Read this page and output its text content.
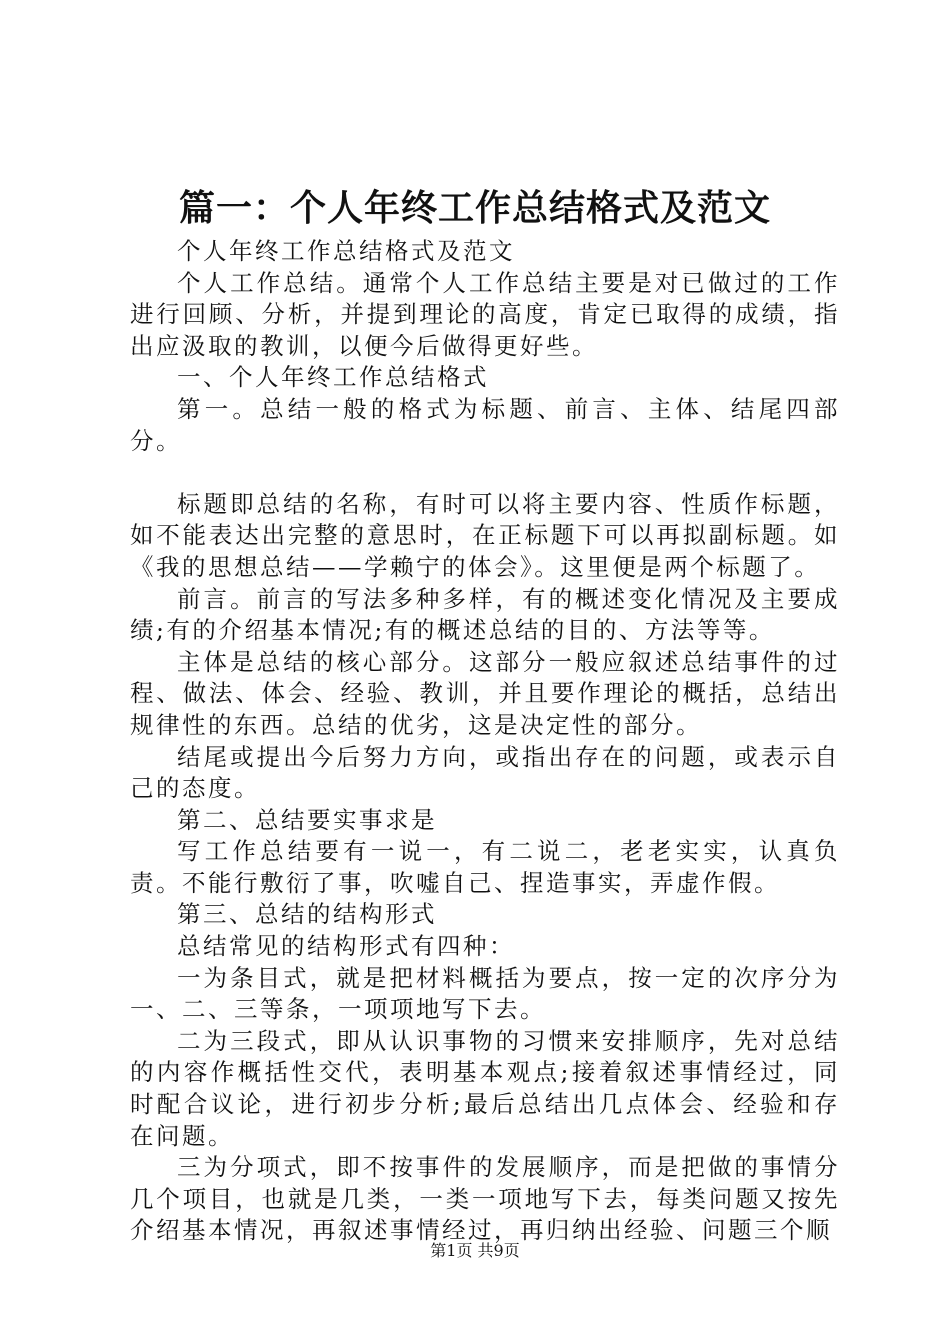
篇一：个人年终工作总结格式及范文

个人年终工作总结格式及范文

个人工作总结。通常个人工作总结主要是对已做过的工作进行回顾、分析，并提到理论的高度，肯定已取得的成绩，指出应汲取的教训，以便今后做得更好些。

一、个人年终工作总结格式

第一。总结一般的格式为标题、前言、主体、结尾四部分。

标题即总结的名称，有时可以将主要内容、性质作标题，如不能表达出完整的意思时，在正标题下可以再拟副标题。如《我的思想总结——学赖宁的体会》。这里便是两个标题了。

前言。前言的写法多种多样，有的概述变化情况及主要成绩;有的介绍基本情况;有的概述总结的目的、方法等等。

主体是总结的核心部分。这部分一般应叙述总结事件的过程、做法、体会、经验、教训，并且要作理论的概括，总结出规律性的东西。总结的优劣，这是决定性的部分。

结尾或提出今后努力方向，或指出存在的问题，或表示自己的态度。

第二、总结要实事求是

写工作总结要有一说一，有二说二，老老实实，认真负责。不能行敷衍了事，吹嘘自己、捏造事实，弄虚作假。

第三、总结的结构形式

总结常见的结构形式有四种：

一为条目式，就是把材料概括为要点，按一定的次序分为一、二、三等条，一项项地写下去。

二为三段式，即从认识事物的习惯来安排顺序，先对总结的内容作概括性交代，表明基本观点;接着叙述事情经过，同时配合议论，进行初步分析;最后总结出几点体会、经验和存在问题。

三为分项式，即不按事件的发展顺序，而是把做的事情分几个项目，也就是几类，一类一项地写下去，每类问题又按先介绍基本情况，再叙述事情经过，再归纳出经验、问题三个顺

第1页 共9页
